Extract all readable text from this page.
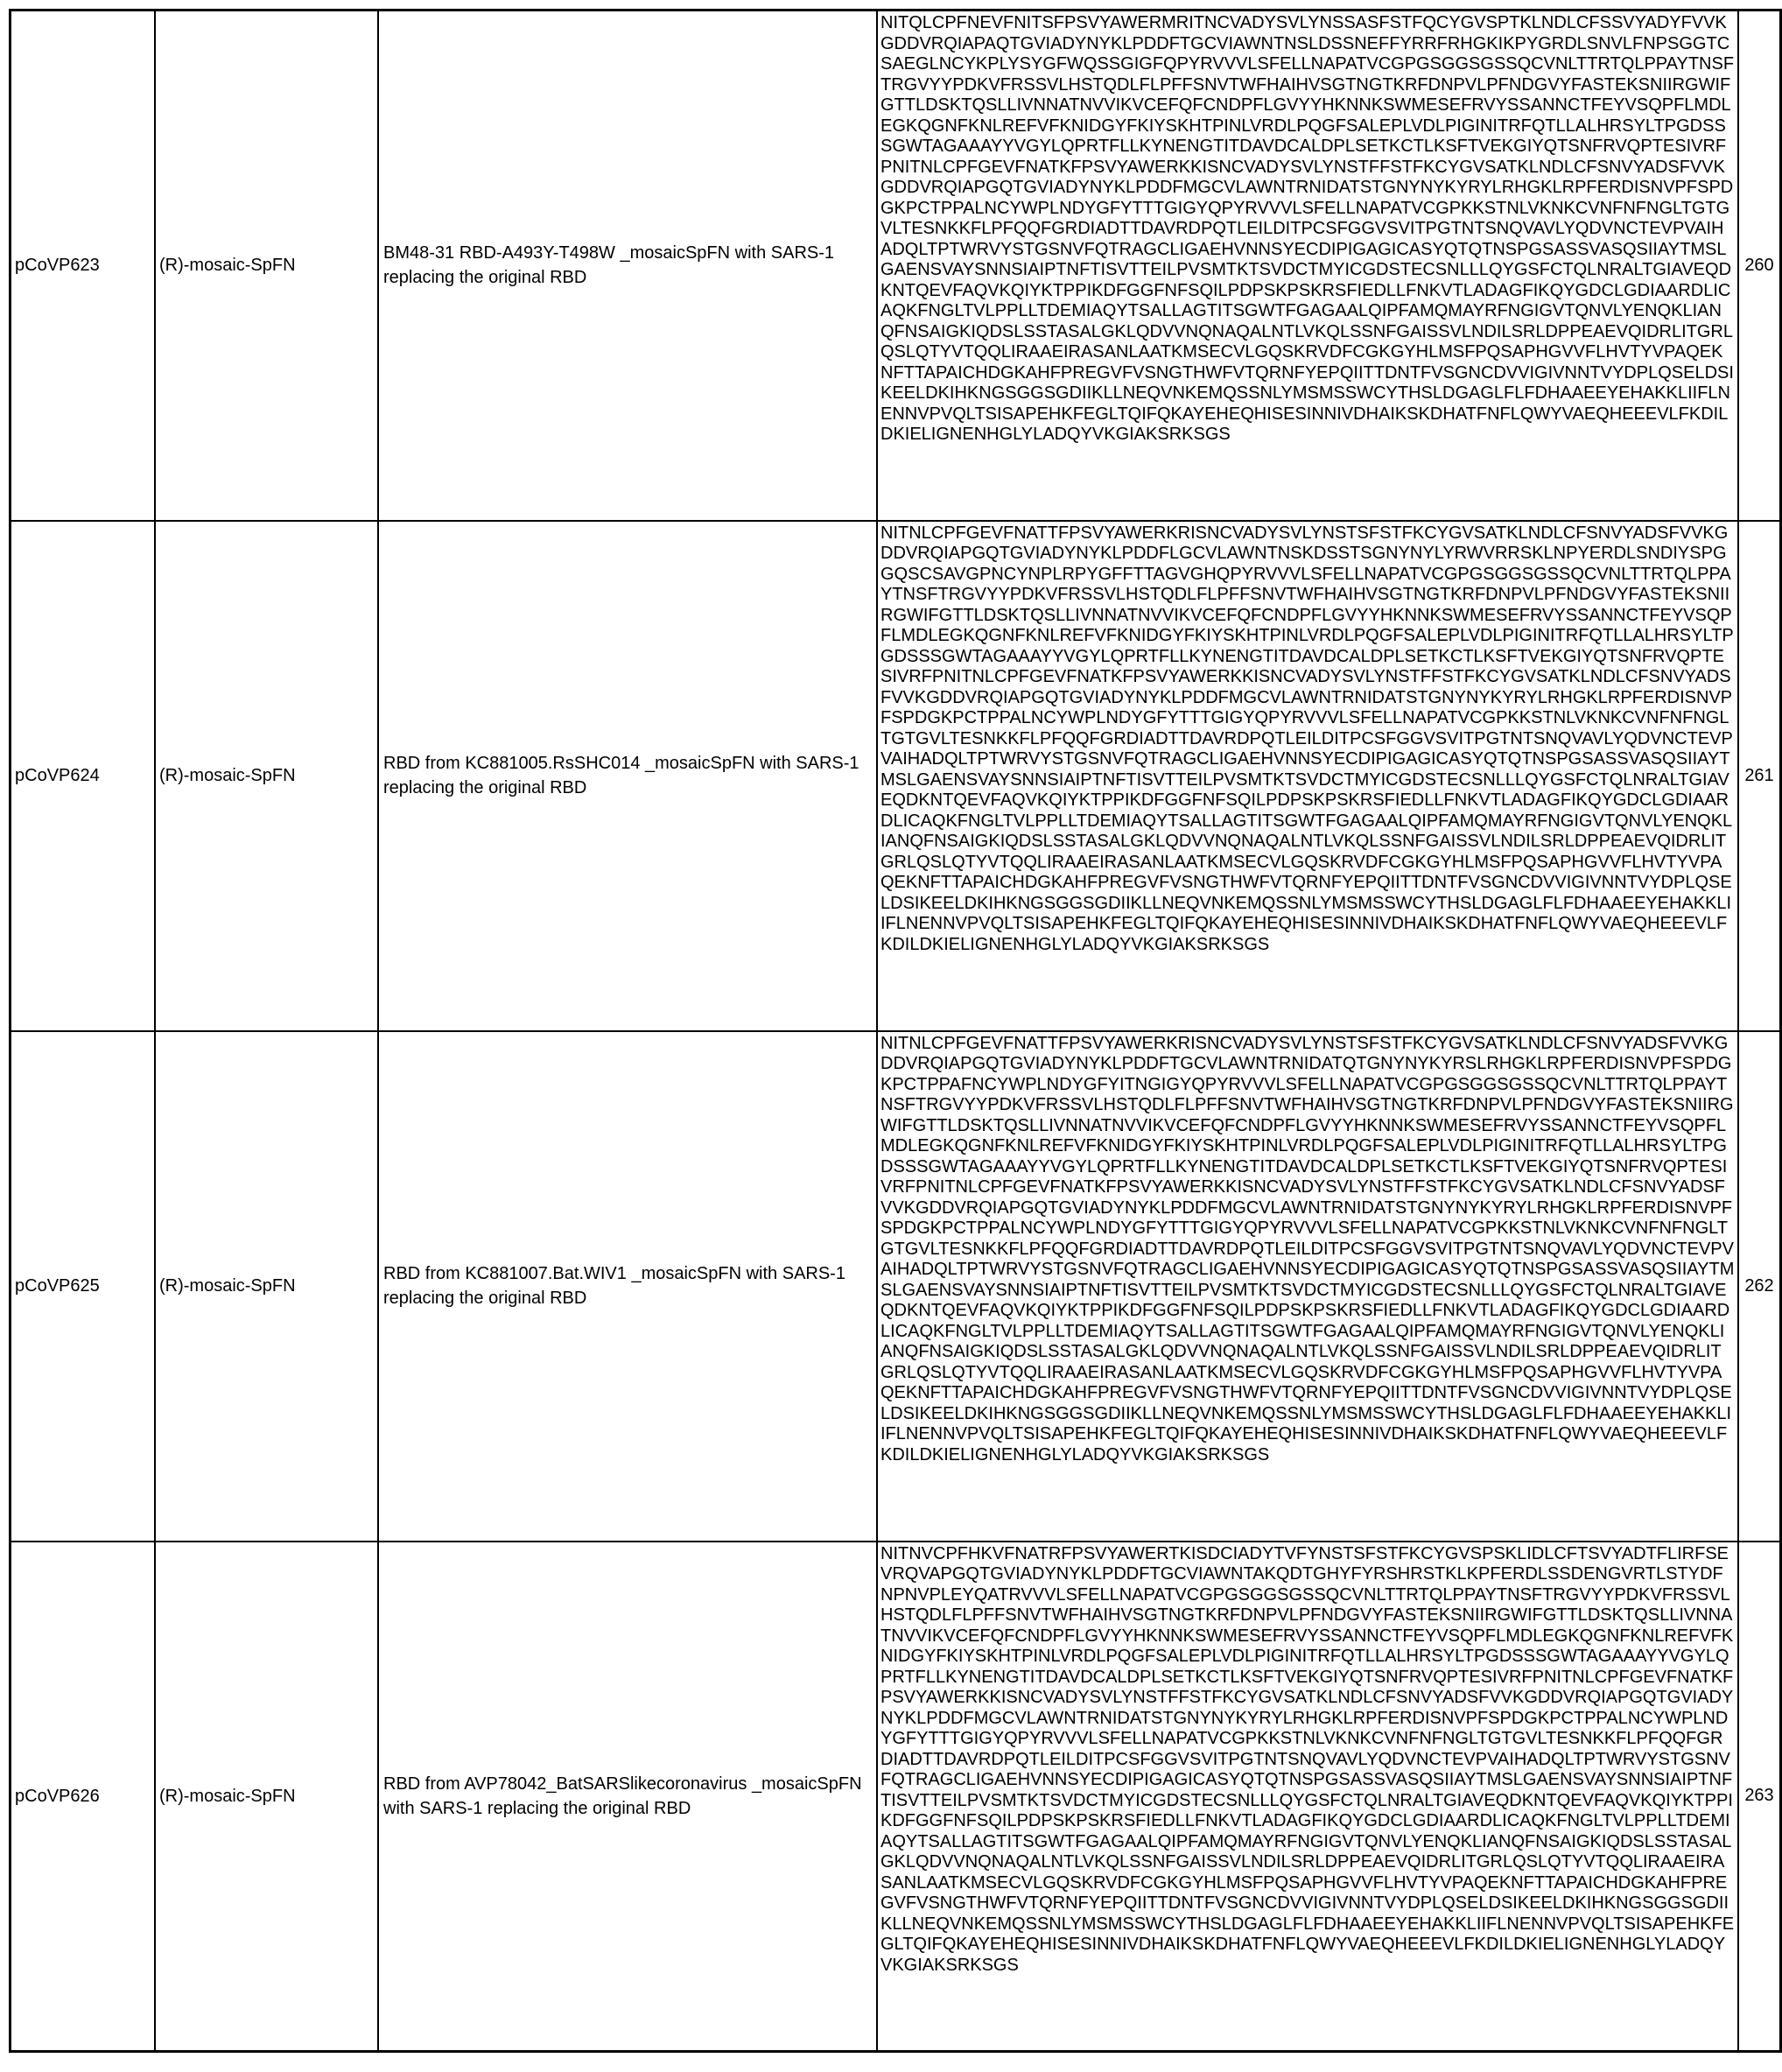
pCoVP623	(R)-mosaic-SpFN	BM48-31 RBD-A493Y-T498W _mosaicSpFN with SARS-1 replacing the original RBD	NITQLCPFNEVFNITSFPSVYAWERMRITNCVADYSVLYNSSASFSTFQCYGVSPTKLNDLCFSSVYADYFVVKGDDVRQIAPAQTGVIADYNYKLPDDFTGCVIAWNTNSLDSSNEFFYRRFRHGKIKPYGRDLSNVLFNPSGGTCSAEGLNCYKPLYSYGFWQSSGIGFQPYRVVVLSFELLNAPATVCGPGSGGSGSSQCVNLTTRTQLPPAYTNSFTRGVYYPDKVFRSSVLHSTQDLFLPFFSNVTWFHAIHVSGTNGTKRFDNPVLPFNDGVYFASTEKSNIIRGWIFGTTLDSKTQSLLIVNNATNVVIKVCEFQFCNDPFLGVYYHKNNKSWMESEFRVYSSANNCTFEYVSQPFLMDLEGKQGNFKNLREFVFKNIDGYFKIYSKHTPINLVRDLPQGFSALEPLVDLPIGINITRFQTLLALHRSYLTPGDSSSGWTAGAAAYYVGYLQPRTFLLKYNENGTITDAVDCALDPLSETKCTLKSFTVEKGIYQTSNFRVQPTESIVRFPNITNLCPFGEVFNATKFPSVYAWERKKISNCVADYSVLYNSTFFSTFKCYGVSATKLNDLCFSNVYADSFVVKGDDVRQIAPGQTGVIADYNYKLPDDFMGCVLAWNTRNIDATSTGNYNYKYRYLRHGKLRPFERDISNVPFSPDGKPCTPPALNCYWPLNDYGFYTTTGIGYQPYRVVVLSFELLNAPATVCGPKKSTNLVKNKCVNFNFNGLTGTGVLTESNKKFLPFQQFGRDIADTTDAVRDPQTLEILDITPCSFGGVSVITPGTNTSNQVAVLYQDVNCTEVPVAIHADQLTPTWRVYSTGSNVFQTRAGCLIGAEHVNNSYECDIPIGAGICASYQTQTNSPGSASSVASQSIIAYTMSLGAENSVAYSNNSIAIPTNFTISVTTEILPVSMTKTSVDCTMYICGDSTECSNLLLQYGSFCTQLNRALTGIAVEQDKNTQEVFAQVKQIYKTPPIKDFGGFNFSQILPDPSKPSKRSFIEDLLFNKVTLADAGFIKQYGDCLGDIAARDLICAQKFNGLTVLPPLLTDEMIAQYTSALLAGTITSGWTFGAGAALQIPFAMQMAYRFNGIGVTQNVLYENQKLIANQFNSAIGKIQDSLSSTASALGKLQDVVNQNAQALNTLVKQLSSNFGAISSVLNDILSRLDPPEAEVQIDRLITGRLQSLQTYVTQQLIRAAEIRASANLAATKMSECVLGQSKRVDFCGKGYHLMSFPQSAPHGVVFLHVTYVPAQEKNFTTAPAICHDGKAHFPREGVFVSNGTHWFVTQRNFYEPQIITTDNTFVSGNCDVVIGIVNNTVYDPLQSELDSIKEELDKIHKNGSGGSGDIIKLLNEQVNKEMQSSNLYMSMSSWCYTHSLDGAGLFLFDHAAEEYEHAKKLIIFLNENNVPVQLTSISAPEHKFEGLTQIFQKAYEHEQHISESINNIVDHAIKSKDHATFNFLQWYVAEQHEEEVLFKDILDKIELIGNENHGLYLADQYVKGIAKSRKSGS	260
pCoVP624	(R)-mosaic-SpFN	RBD from KC881005.RsSHC014 _mosaicSpFN with SARS-1 replacing the original RBD	NITNLCPFGEVFNATTFPSVYAWERKRISNCVADYSVLYNSTSFSTFKCYGVSATKLNDLCFSNVYADSFVVKGDDVRQIAPGQTGVIADYNYKLPDDFLGCVLAWNTNSKDSSTSGNYNYLYRWVRRSKLNPYERDLSNDIYSPGGQSCSAVGPNCYNPLRPYGFFTTAGVGHQPYRVVVLSFELLNAPATVCGPGSGGSGSSQCVNLTTRTQLPPAYTNSFTRGVYYPDKVFRSSVLHSTQDLFLPFFSNVTWFHAIHVSGTNGTKRFDNPVLPFNDGVYFASTEKSNIIRGWIFGTTLDSKTQSLLIVNNATNVVIKVCEFQFCNDPFLGVYYHKNNKSWMESEFRVYSSANNCTFEYVSQPFLMDLEGKQGNFKNLREFVFKNIDGYFKIYSKHTPINLVRDLPQGFSALEPLVDLPIGINITRFQTLLALHRSYLTPGDSSSGWTAGAAAYYVGYLQPRTFLLKYNENGTITDAVDCALDPLSETKCTLKSFTVEKGIYQTSNFRVQPTESIVRFPNITNLCPFGEVFNATKFPSVYAWERKKISNCVADYSVLYNSTFFSTFKCYGVSATKLNDLCFSNVYADSFVVKGDDVRQIAPGQTGVIADYNYKLPDDFMGCVLAWNTRNIDATSTGNYNYKYRYLRHGKLRPFERDISNVPFSPDGKPCTPPALNCYWPLNDYGFYTTTGIGYQPYRVVVLSFELLNAPATVCGPKKSTNLVKNKCVNFNFNGLTGTGVLTESNKKFLPFQQFGRDIADTTDAVRDPQTLEILDITPCSFGGVSVITPGTNTSNQVAVLYQDVNCTEVPVAIHADQLTPTWRVYSTGSNVFQTRAGCLIGAEHVNNSYECDIPIGAGICASYQTQTNSPGSASSVASQSIIAYTMSLGAENSVAYSNNSIAIPTNFTISVTTEILPVSMTKTSVDCTMYICGDSTECSNLLLQYGSFCTQLNRALTGIAVEQDKNTQEVFAQVKQIYKTPPIKDFGGFNFSQILPDPSKPSKRSFIEDLLFNKVTLADAGFIKQYGDCLGDIAARDLICAQKFNGLTVLPPLLTDEMIAQYTSALLAGTITSGWTFGAGAALQIPFAMQMAYRFNGIGVTQNVLYENQKLIANQFNSAIGKIQDSLSSTASALGKLQDVVNQNAQALNTLVKQLSSNFGAISSVLNDILSRLDPPEAEVQIDRLITGRLQSLQTYVTQQLIRAAEIRASANLAATKMSECVLGQSKRVDFCGKGYHLMSFPQSAPHGVVFLHVTYVPAQEKNFTTAPAICHDGKAHFPREGVFVSNGTHWFVTQRNFYEPQIITTDNTFVSGNCDVVIGIVNNTVYDPLQSELDSIKEELDKIHKNGSGGSGDIIKLLNEQVNKEMQSSNLYMSMSSWCYTHSLDGAGLFLFDHAAEEYEHAKKLIIFLNENNVPVQLTSISAPEHKFEGLTQIFQKAYEHEQHISESINNIVDHAIKSKDHATFNFLQWYVAEQHEEEVLFKDILDKIELIGNENHGLYLADQYVKGIAKSRKSGS	261
pCoVP625	(R)-mosaic-SpFN	RBD from KC881007.Bat.WIV1 _mosaicSpFN with SARS-1 replacing the original RBD	NITNLCPFGEVFNATTFPSVYAWERKRISNCVADYSVLYNSTSFSTFKCYGVSATKLNDLCFSNVYADSFVVKGDDVRQIAPGQTGVIADYNYKLPDDFTGCVLAWNTRNIDATQTGNYNYKYRSLRHGKLRPFERDISNVPFSPDGKPCTPPAFNCYWPLNDYGFYITNGIGYQPYRVVVLSFELLNAPATVCGPGSGGSGSSQCVNLTTRTQLPPAYTNSFTRGVYYPDKVFRSSVLHSTQDLFLPFFSNVTWFHAIHVSGTNGTKRFDNPVLPFNDGVYFASTEKSNIIRGWIFGTTLDSKTQSLLIVNNATNVVIKVCEFQFCNDPFLGVYYHKNNKSWMESEFRVYSSANNCTFEYVSQPFLMDLEGKQGNFKNLREFVFKNIDGYFKIYSKHTPINLVRDLPQGFSALEPLVDLPIGINITRFQTLLALHRSYLTPGDSSSGWTAGAAAYYVGYLQPRTFLLKYNENGTITDAVDCALDPLSETKCTLKSFTVEKGIYQTSNFRVQPTESIVRFPNITNLCPFGEVFNATKFPSVYAWERKKISNCVADYSVLYNSTFFSTFKCYGVSATKLNDLCFSNVYADSFVVKGDDVRQIAPGQTGVIADYNYKLPDDFMGCVLAWNTRNIDATSTGNYNYKYRYLRHGKLRPFERDISNVPFSPDGKPCTPPALNCYWPLNDYGFYTTTGIGYQPYRVVVLSFELLNAPATVCGPKKSTNLVKNKCVNFNFNGLTGTGVLTESNKKFLPFQQFGRDIADTTDAVRDPQTLEILDITPCSFGGVSVITPGTNTSNQVAVLYQDVNCTEVPVAIHADQLTPTWRVYSTGSNVFQTRAGCLIGAEHVNNSYECDIPIGAGICASYQTQTNSPGSASSVASQSIIAYTMSLGAENSVAYSNNSIAIPTNFTISVTTEILPVSMTKTSVDCTMYICGDSTECSNLLLQYGSFCTQLNRALTGIAVEQDKNTQEVFAQVKQIYKTPPIKDFGGFNFSQILPDPSKPSKRSFIEDLLFNKVTLADAGFIKQYGDCLGDIAARDLICAQKFNGLTVLPPLLTDEMIAQYTSALLAGTITSGWTFGAGAALQIPFAMQMAYRFNGIGVTQNVLYENQKLIANQFNSAIGKIQDSLSSTASALGKLQDVVNQNAQALNTLVKQLSSNFGAISSVLNDILSRLDPPEAEVQIDRLITGRLQSLQTYVTQQLIRAAEIRASANLAATKMSECVLGQSKRVDFCGKGYHLMSFPQSAPHGVVFLHVTYVPAQEKNFTTAPAICHDGKAHFPREGVFVSNGTHWFVTQRNFYEPQIITTDNTFVSGNCDVVIGIVNNTVYDPLQSELDSIKEELDKIHKNGSGGSGDIIKLLNEQVNKEMQSSNLYMSMSSWCYTHSLDGAGLFLFDHAAEEYEHAKKLIIFLNENNVPVQLTSISAPEHKFEGLTQIFQKAYEHEQHISESINNIVDHAIKSKDHATFNFLQWYVAEQHEEEVLFKDILDKIELIGNENHGLYLADQYVKGIAKSRKSGS	262
pCoVP626	(R)-mosaic-SpFN	RBD from AVP78042_BatSARSlikecoronavirus _mosaicSpFN with SARS-1 replacing the original RBD	NITNVCPFHKVFNATRFPSVYAWERTKISDCIADYTVFYNSTSFSTFKCYGVSPSKLIDLCFTSVYADTFLIRFSEVRQVAPGQTGVIADYNYKLPDDFTGCVIAWNTAKQDTGHYFYRSHRSTKLKPFERDLSSDENGVRTLSTYDFNPNVPLEYQATRVVVLSFELLNAPATVCGPGSGGSGSSQCVNLTTRTQLPPAYTNSFTRGVYYPDKVFRSSVLHSTQDLFLPFFSNVTWFHAIHVSGTNGTKRFDNPVLPFNDGVYFASTEKSNIIRGWIFGTTLDSKTQSLLIVNNATNVVIKVCEFQFCNDPFLGVYYHKNNKSWMESEFRVYSSANNCTFEYVSQPFLMDLEGKQGNFKNLREFVFKNIDGYFKIYSKHTPINLVRDLPQGFSALEPLVDLPIGINITRFQTLLALHRSYLTPGDSSSGWTAGAAAYYVGYLQPRTFLLKYNENGTITDAVDCALDPLSETKCTLKSFTVEKGIYQTSNFRVQPTESIVRFPNITNLCPFGEVFNATKFPSVYAWERKKISNCVADYSVLYNSTFFSTFKCYGVSATKLNDLCFSNVYADSFVVKGDDVRQIAPGQTGVIADYNYKLPDDFMGCVLAWNTRNIDATSTGNYNYKYRYLRHGKLRPFERDISNVPFSPDGKPCTPPALNCYWPLNDYGFYTTTGIGYQPYRVVVLSFELLNAPATVCGPKKSTNLVKNKCVNFNFNGLTGTGVLTESNKKFLPFQQFGRDIADTTDAVRDPQTLEILDITPCSFGGVSVITPGTNTSNQVAVLYQDVNCTEVPVAIHADQLTPTWRVYSTGSNVFQTRAGCLIGAEHVNNSYECDIPIGAGICASYQTQTNSPGSASSVASQSIIAYTMSLGAENSVAYSNNSIAIPTNFTISVTTEILPVSMTKTSVDCTMYICGDSTECSNLLLQYGSFCTQLNRALTGIAVEQDKNTQEVFAQVKQIYKTPPIKDFGGFNFSQILPDPSKPSKRSFIEDLLFNKVTLADAGFIKQYGDCLGDIAARDLICAQKFNGLTVLPPLLTDEMIAQYTSALLAGTITSGWTFGAGAALQIPFAMQMAYRFNGIGVTQNVLYENQKLIANQFNSAIGKIQDSLSSTASALGKLQDVVNQNAQALNTLVKQLSSNFGAISSVLNDILSRLDPPEAEVQIDRLITGRLQSLQTYVTQQLIRAAEIRASANLAATKMSECVLGQSKRVDFCGKGYHLMSFPQSAPHGVVFLHVTYVPAQEKNFTTAPAICHDGKAHFPREGVFVSNGTHWFVTQRNFYEPQIITTDNTFVSGNCDVVIGIVNNTVYDPLQSELDSIKEELDKIHKNGSGGSGDIIKLLNEQVNKEMQSSNLYMSMSSWCYTHSLDGAGLFLFDHAAEEYEHAKKLIIFLNENNVPVQLTSISAPEHKFEGLTQIFQKAYEHEQHISESINNIVDHAIKSKDHATFNFLQWYVAEQHEEEVLFKDILDKIELIGNENHGLYLADQYVKGIAKSRKSGS	263
